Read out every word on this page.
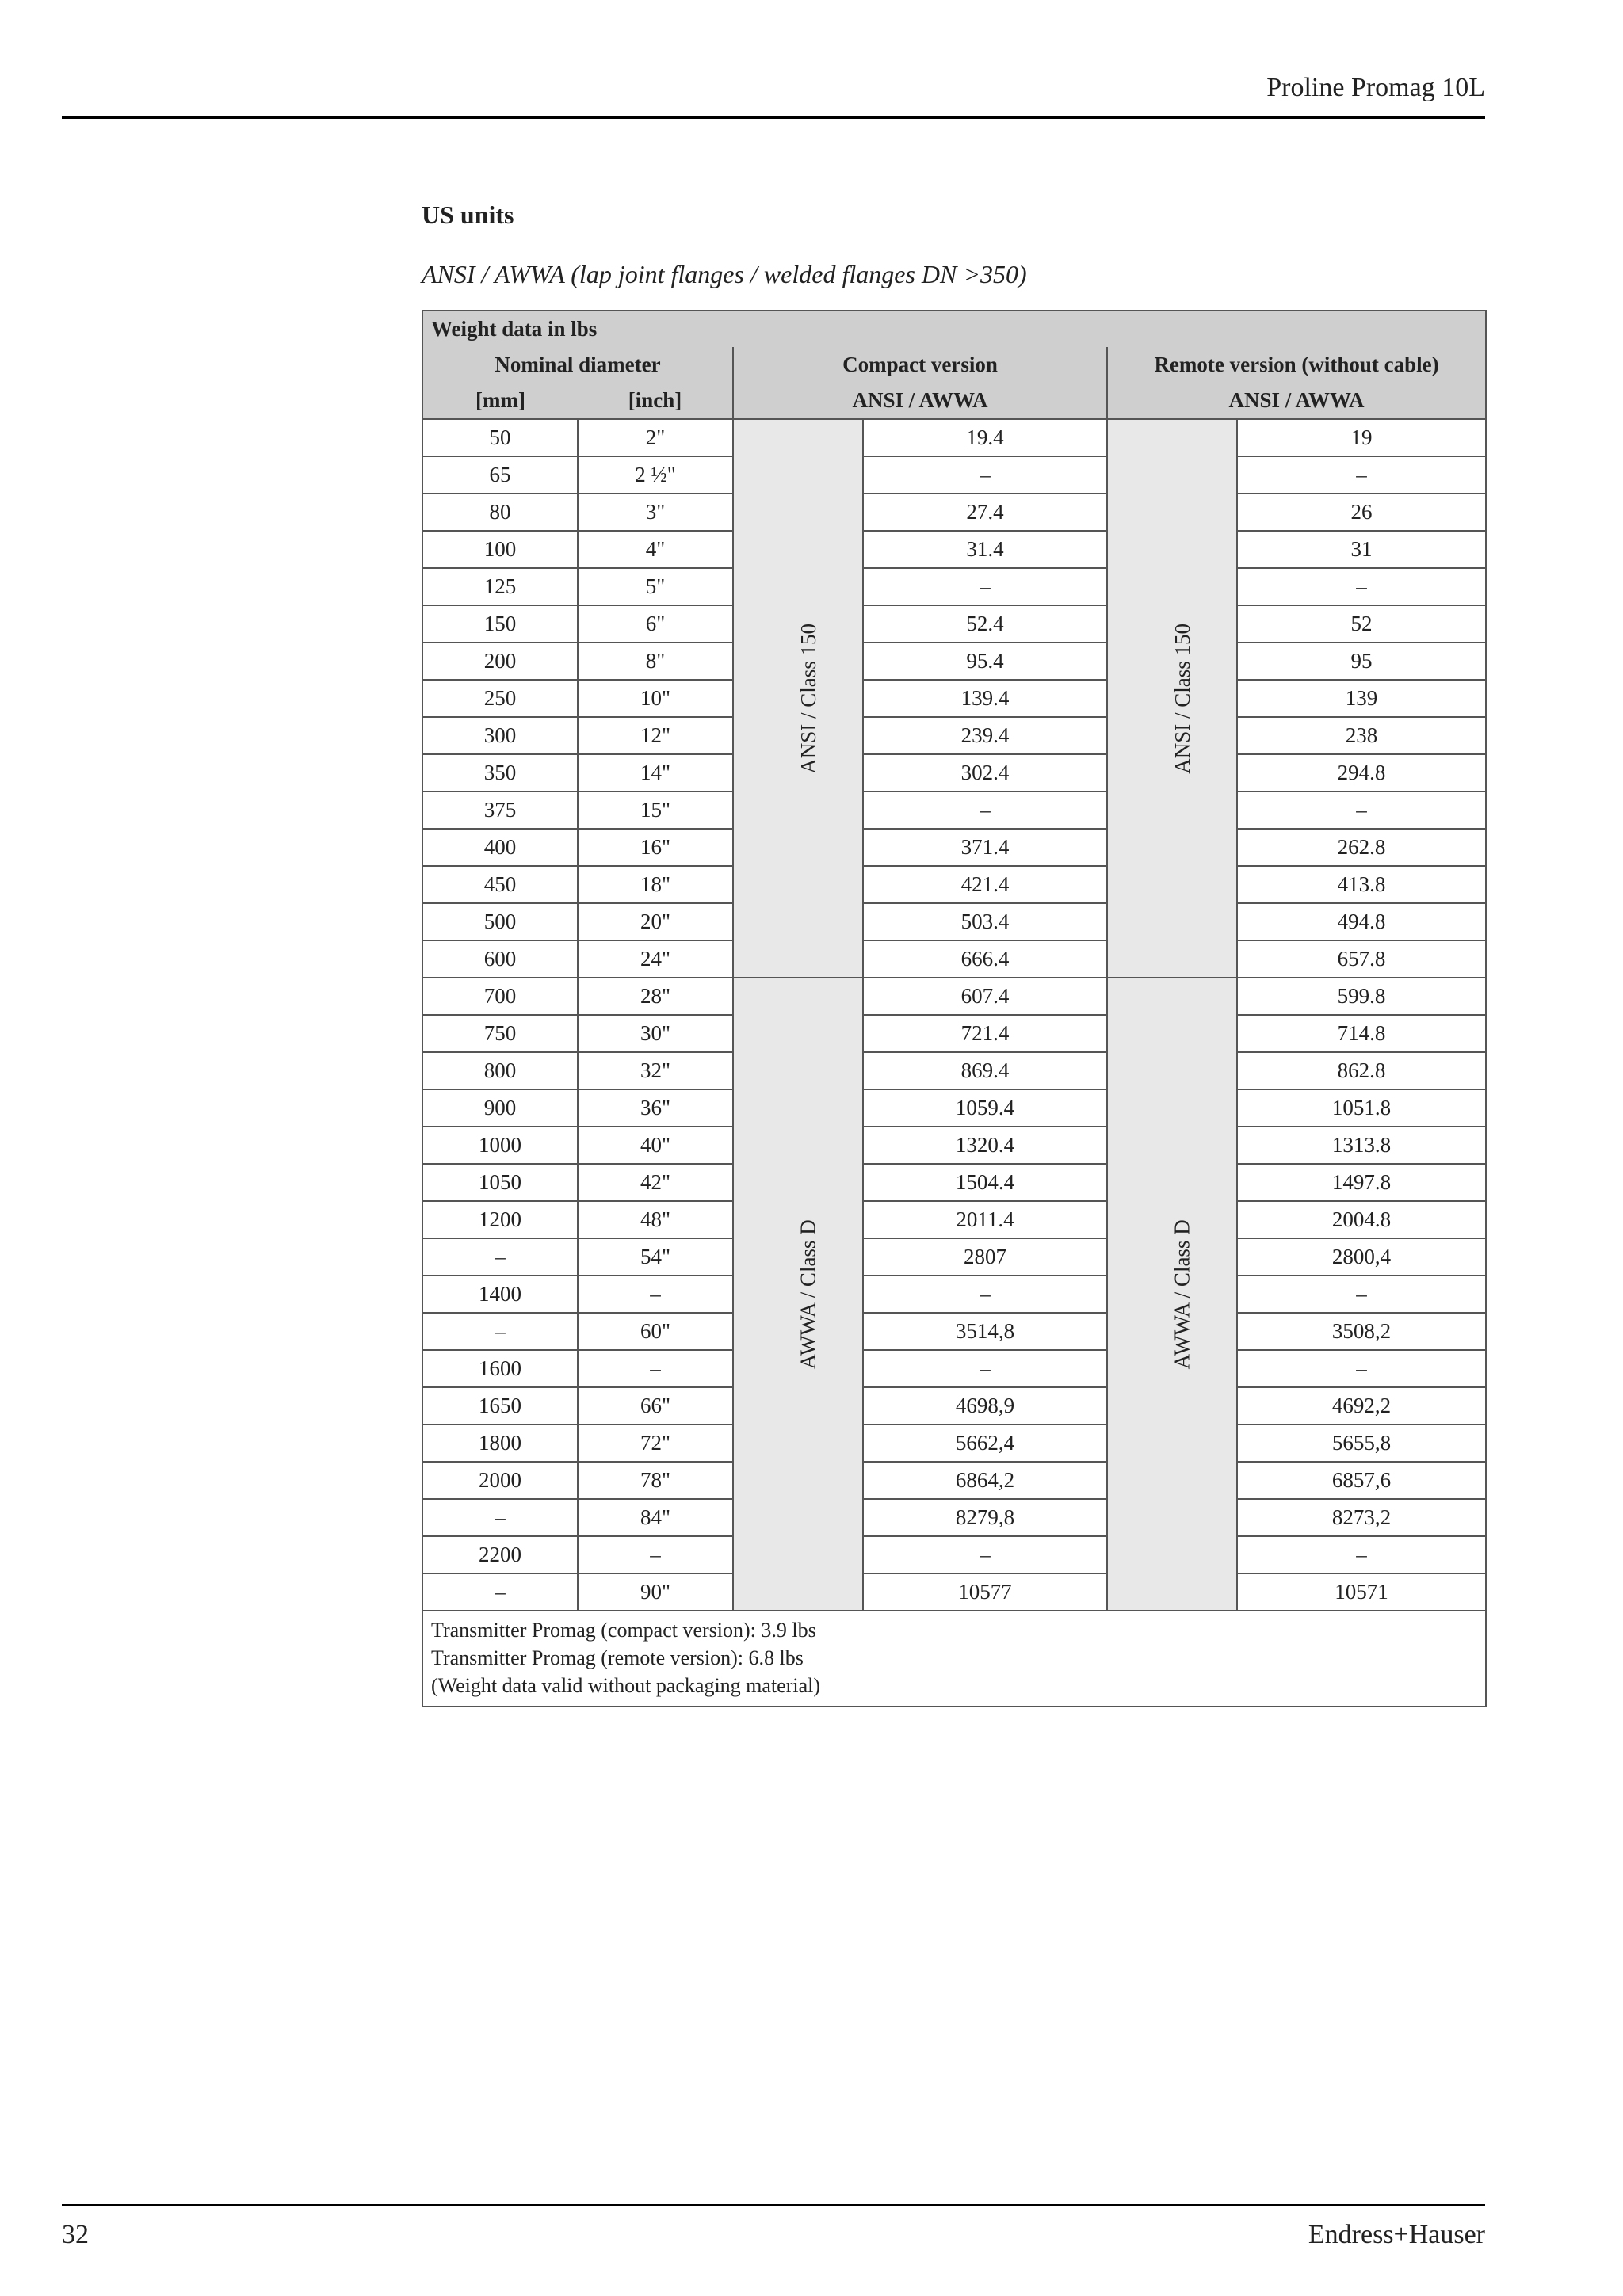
Proline Promag 10L
US units

ANSI / AWWA (lap joint flanges / welded flanges DN >350)

Weight data in lbs					
Nominal diameter		Compact version		Remote version (without cable)	
[mm]	[inch]	ANSI / AWWA		ANSI / AWWA	
50	2"	ANSI / Class 150	19.4	ANSI / Class 150	19
65	2 ½"		–		–
80	3"		27.4		26
100	4"		31.4		31
125	5"		–		–
150	6"		52.4		52
200	8"		95.4		95
250	10"		139.4		139
300	12"		239.4		238
350	14"		302.4		294.8
375	15"		–		–
400	16"		371.4		262.8
450	18"		421.4		413.8
500	20"		503.4		494.8
600	24"		666.4		657.8
700	28"	AWWA / Class D	607.4	AWWA / Class D	599.8
750	30"		721.4		714.8
800	32"		869.4		862.8
900	36"		1059.4		1051.8
1000	40"		1320.4		1313.8
1050	42"		1504.4		1497.8
1200	48"		2011.4		2004.8
–	54"		2807		2800,4
1400	–		–		–
–	60"		3514,8		3508,2
1600	–		–		–
1650	66"		4698,9		4692,2
1800	72"		5662,4		5655,8
2000	78"		6864,2		6857,6
–	84"		8279,8		8273,2
2200	–		–		–
–	90"		10577		10571

Transmitter Promag (compact version): 3.9 lbs
Transmitter Promag (remote version): 6.8 lbs
(Weight data valid without packaging material)					
32	Endress+Hauser
